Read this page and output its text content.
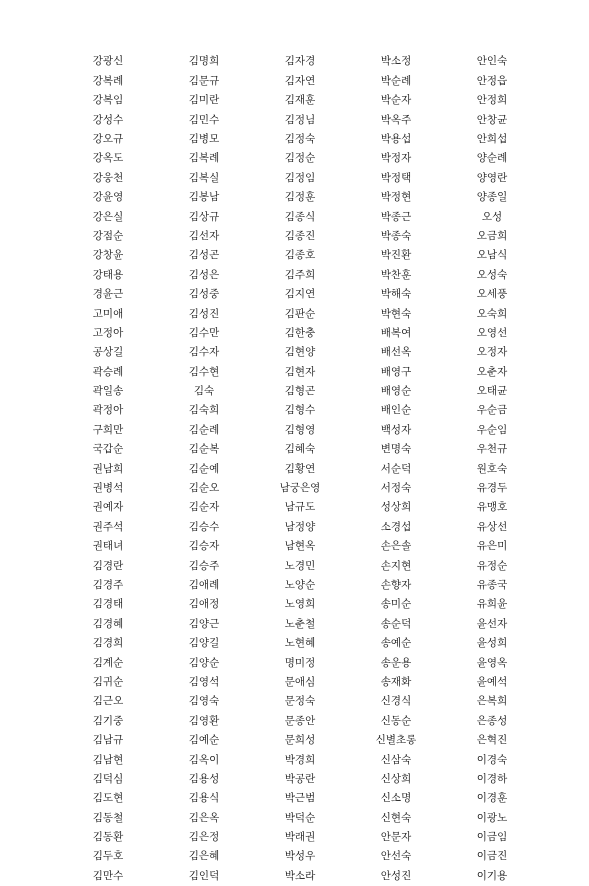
강광신	김명희	김자경	박소정	안인숙
강복례	김문규	김자연	박순례	안정읍
강복임	김미란	김재훈	박순자	안정희
강성수	김민수	김정님	박옥주	안창균
강오규	김병모	김정숙	박용섭	안희섭
강옥도	김복례	김정순	박정자	양순례
강웅천	김복실	김정임	박정택	양영란
강윤영	김봉남	김정훈	박정현	양종일
강은실	김상규	김종식	박종근	오성
강점순	김선자	김종진	박종숙	오금희
강창윤	김성곤	김종호	박진환	오남식
강태용	김성은	김주희	박찬훈	오성숙
경윤근	김성중	김지연	박해숙	오세풍
고미애	김성진	김판순	박현숙	오숙희
고정아	김수만	김한충	배복여	오영선
공상길	김수자	김현양	배선옥	오정자
곽승례	김수현	김현자	배영구	오춘자
곽일송	김숙	김형곤	배영순	오태균
곽정아	김숙희	김형수	배인순	우순금
구희만	김순례	김형영	백성자	우순임
국갑순	김순복	김혜숙	변명숙	우천규
권남희	김순예	김황연	서순덕	원호숙
권병석	김순오	남궁은영	서정숙	유경두
권예자	김순자	남규도	성상희	유맹호
권주석	김승수	남정양	소경섭	유상선
권태녀	김승자	남현옥	손은솔	유은미
김경란	김승주	노경민	손지현	유정순
김경주	김애례	노양순	손향자	유종국
김경태	김애정	노영희	송미순	유희윤
김경혜	김양근	노춘철	송순덕	윤선자
김경희	김양길	노현혜	송예순	윤성희
김계순	김양순	명미정	송운용	윤영옥
김귀순	김영석	문애심	송재화	윤예석
김근오	김영숙	문정숙	신경식	은복희
김기중	김영환	문종안	신동순	은종성
김남규	김예순	문희성	신별초롱	은혁진
김남현	김옥이	박경희	신삼숙	이경숙
김덕심	김용성	박공란	신상희	이경하
김도현	김용식	박근범	신소명	이경훈
김동철	김은옥	박덕순	신현숙	이광노
김동환	김은정	박래권	안문자	이금임
김두호	김은혜	박성우	안선숙	이금진
김만수	김인덕	박소라	안성진	이기용
